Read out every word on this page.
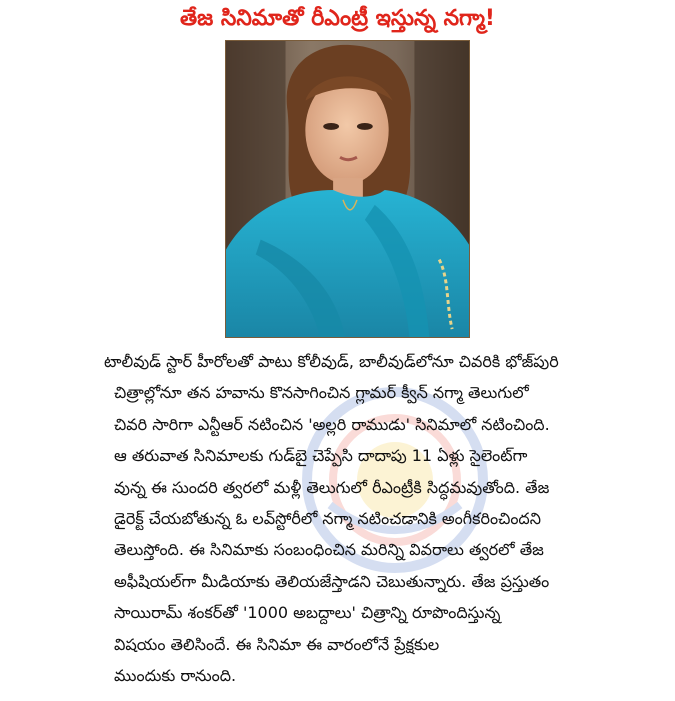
తేజ సినిమాతో రీఎంట్రీ ఇస్తున్న నగ్మా!
టాలీవుడ్ స్టార్ హీరోలతో పాటు కోలీవుడ్, బాలీవుడ్‌లోనూ చివరికి భోజ్‌పురి
చిత్రాల్లోనూ తన హవాను కొనసాగించిన గ్లామర్ క్వీన్ నగ్మా తెలుగులో
చివరి సారిగా ఎన్టీఆర్ నటించిన 'అల్లరి రాముడు' సినిమాలో నటించింది.
ఆ తరువాత సినిమాలకు గుడ్‌బై చెప్పేసి దాదాపు 11 ఏళ్లు సైలెంట్‌గా
వున్న ఈ సుందరి త్వరలో మళ్లీ తెలుగులో రీఎంట్రీకి సిద్ధమవుతోంది. తేజ
డైరెక్ట్ చేయబోతున్న ఓ లవ్‌స్టోరీలో నగ్మా నటించడానికి అంగీకరించిందని
తెలుస్తోంది. ఈ సినిమాకు సంబంధించిన మరిన్ని వివరాలు త్వరలో తేజ
అఫీషియల్‌గా మీడియాకు తెలియజేస్తాడని చెబుతున్నారు. తేజ ప్రస్తుతం
సాయిరామ్ శంకర్‌తో '1000 అబద్దాలు' చిత్రాన్ని రూపొందిస్తున్న
విషయం తెలిసిందే. ఈ సినిమా ఈ వారంలోనే ప్రేక్షకుల
ముందుకు రానుంది.
